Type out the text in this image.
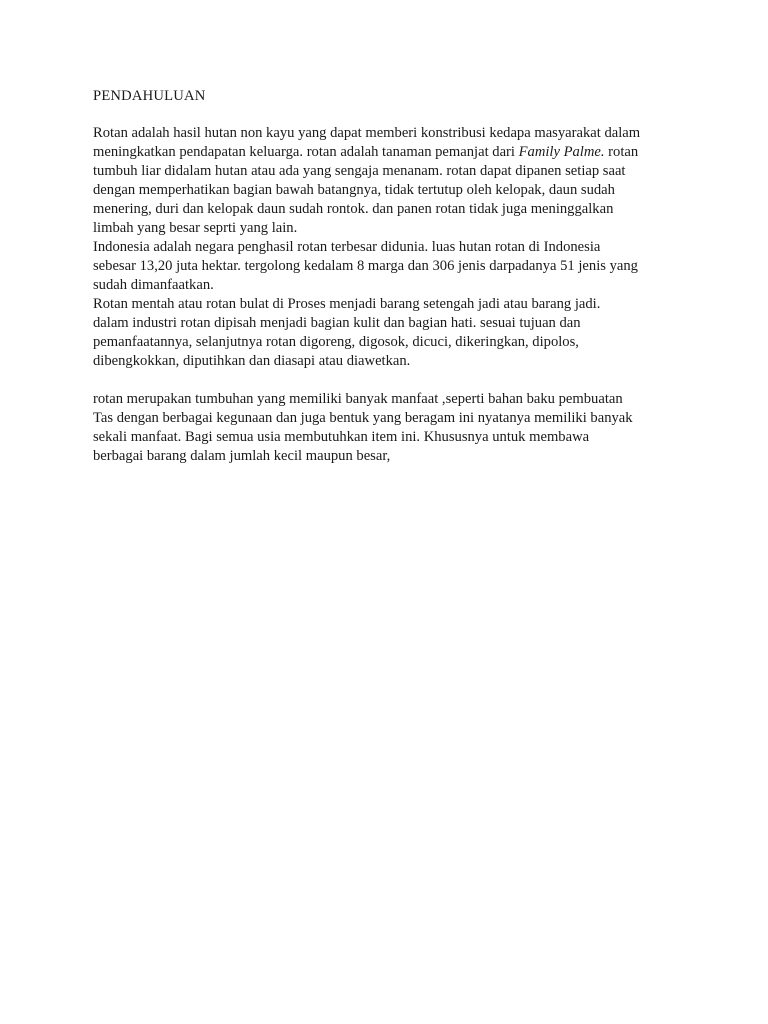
PENDAHULUAN
Rotan adalah hasil hutan non kayu yang dapat memberi konstribusi kedapa masyarakat dalam
meningkatkan pendapatan keluarga. rotan adalah tanaman pemanjat dari Family Palme. rotan
tumbuh liar didalam hutan atau ada yang sengaja menanam. rotan dapat dipanen setiap saat
dengan memperhatikan bagian bawah batangnya, tidak tertutup oleh kelopak, daun sudah
menering, duri dan kelopak daun sudah rontok. dan panen rotan tidak juga meninggalkan
limbah yang besar seprti yang lain.
Indonesia adalah negara penghasil rotan terbesar didunia. luas hutan rotan di Indonesia
sebesar 13,20 juta hektar. tergolong kedalam 8 marga dan 306 jenis darpadanya 51 jenis yang
sudah dimanfaatkan.
Rotan mentah atau rotan bulat di Proses menjadi barang setengah jadi atau barang jadi.
dalam industri rotan dipisah menjadi bagian kulit dan bagian hati. sesuai tujuan dan
pemanfaatannya, selanjutnya rotan digoreng, digosok, dicuci, dikeringkan, dipolos,
dibengkokkan, diputihkan dan diasapi atau diawetkan.
rotan merupakan tumbuhan yang memiliki banyak manfaat ,seperti bahan baku pembuatan
Tas dengan berbagai kegunaan dan juga bentuk yang beragam ini nyatanya memiliki banyak
sekali manfaat. Bagi semua usia membutuhkan item ini. Khususnya untuk membawa
berbagai barang dalam jumlah kecil maupun besar,
